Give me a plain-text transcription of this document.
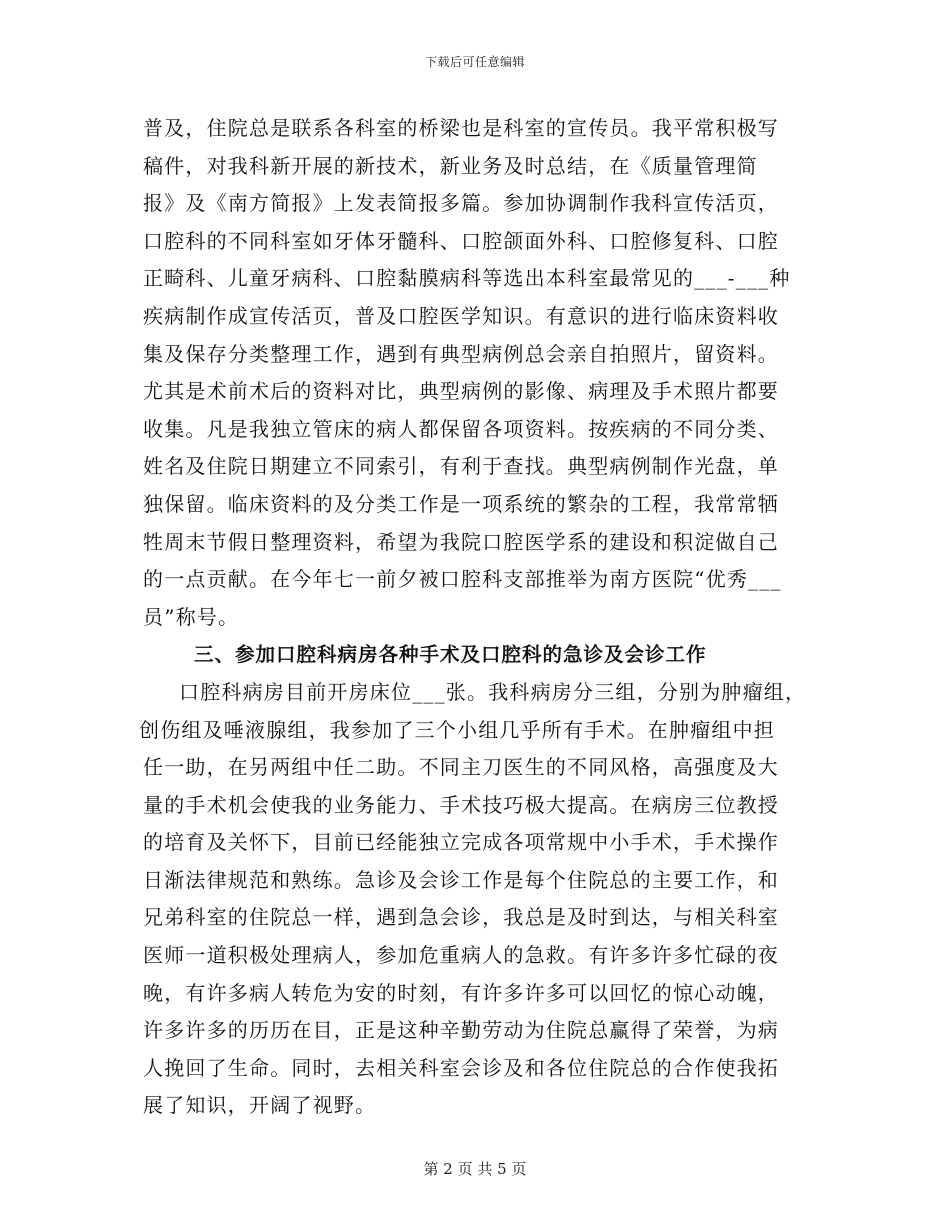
下载后可任意编辑
普及，住院总是联系各科室的桥梁也是科室的宣传员。我平常积极写
稿件，对我科新开展的新技术，新业务及时总结，在《质量管理简
报》及《南方简报》上发表简报多篇。参加协调制作我科宣传活页，
口腔科的不同科室如牙体牙髓科、口腔颌面外科、口腔修复科、口腔
正畸科、儿童牙病科、口腔黏膜病科等选出本科室最常见的___-___种
疾病制作成宣传活页，普及口腔医学知识。有意识的进行临床资料收
集及保存分类整理工作，遇到有典型病例总会亲自拍照片，留资料。
尤其是术前术后的资料对比，典型病例的影像、病理及手术照片都要
收集。凡是我独立管床的病人都保留各项资料。按疾病的不同分类、
姓名及住院日期建立不同索引，有利于查找。典型病例制作光盘，单
独保留。临床资料的及分类工作是一项系统的繁杂的工程，我常常牺
牲周末节假日整理资料，希望为我院口腔医学系的建设和积淀做自己
的一点贡献。在今年七一前夕被口腔科支部推举为南方医院“优秀___
员”称号。
三、参加口腔科病房各种手术及口腔科的急诊及会诊工作
口腔科病房目前开房床位___张。我科病房分三组，分别为肿瘤组，
创伤组及唾液腺组，我参加了三个小组几乎所有手术。在肿瘤组中担
任一助，在另两组中任二助。不同主刀医生的不同风格，高强度及大
量的手术机会使我的业务能力、手术技巧极大提高。在病房三位教授
的培育及关怀下，目前已经能独立完成各项常规中小手术，手术操作
日渐法律规范和熟练。急诊及会诊工作是每个住院总的主要工作，和
兄弟科室的住院总一样，遇到急会诊，我总是及时到达，与相关科室
医师一道积极处理病人，参加危重病人的急救。有许多许多忙碌的夜
晚，有许多病人转危为安的时刻，有许多许多可以回忆的惊心动魄，
许多许多的历历在目，正是这种辛勤劳动为住院总赢得了荣誉，为病
人挽回了生命。同时，去相关科室会诊及和各位住院总的合作使我拓
展了知识，开阔了视野。
第 2 页 共 5 页
